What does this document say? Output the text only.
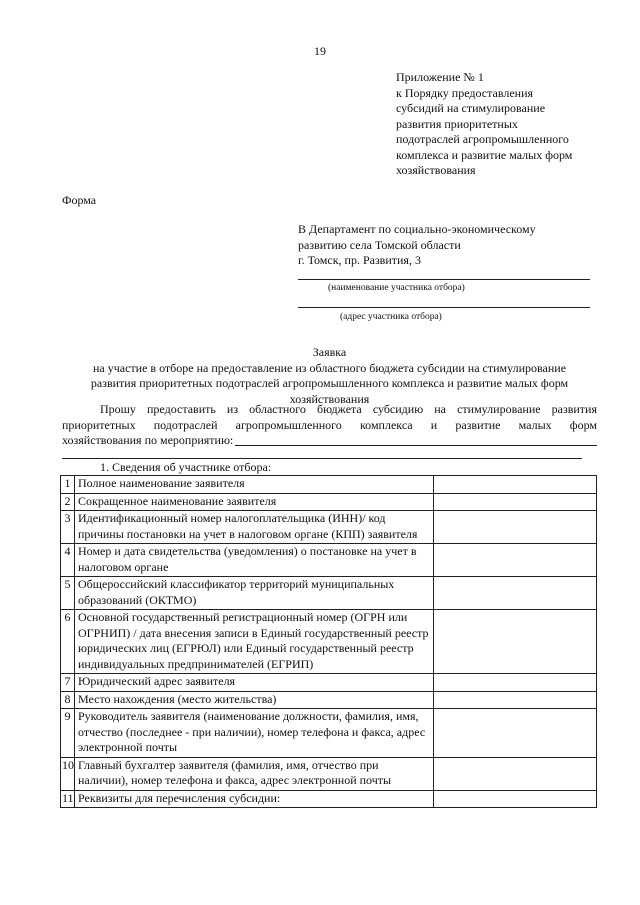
19
Приложение № 1
к Порядку предоставления
субсидий на стимулирование
развития приоритетных
подотраслей агропромышленного
комплекса и развитие малых форм
хозяйствования
Форма
В Департамент по социально-экономическому
развитию села Томской области
г. Томск, пр. Развития, 3
(наименование участника отбора)
(адрес участника отбора)
Заявка
на участие в отборе на предоставление из областного бюджета субсидии на стимулирование
развития приоритетных подотраслей агропромышленного комплекса и развитие малых форм
хозяйствования
Прошу предоставить из областного бюджета субсидию на стимулирование развития приоритетных подотраслей агропромышленного комплекса и развитие малых форм
хозяйствования по мероприятию:
1. Сведения об участнике отбора:
1	Полное наименование заявителя	
2	Сокращенное наименование заявителя	
3	Идентификационный номер налогоплательщика (ИНН)/ код причины постановки на учет в налоговом органе (КПП) заявителя	
4	Номер и дата свидетельства (уведомления) о постановке на учет в налоговом органе	
5	Общероссийский классификатор территорий муниципальных образований (ОКТМО)	
6	Основной государственный регистрационный номер (ОГРН или ОГРНИП) / дата внесения записи в Единый государственный реестр юридических лиц (ЕГРЮЛ) или Единый государственный реестр индивидуальных предпринимателей (ЕГРИП)	
7	Юридический адрес заявителя	
8	Место нахождения (место жительства)	
9	Руководитель заявителя (наименование должности, фамилия, имя, отчество (последнее - при наличии), номер телефона и факса, адрес электронной почты	
10	Главный бухгалтер заявителя (фамилия, имя, отчество при наличии), номер телефона и факса, адрес электронной почты	
11	Реквизиты для перечисления субсидии:	
